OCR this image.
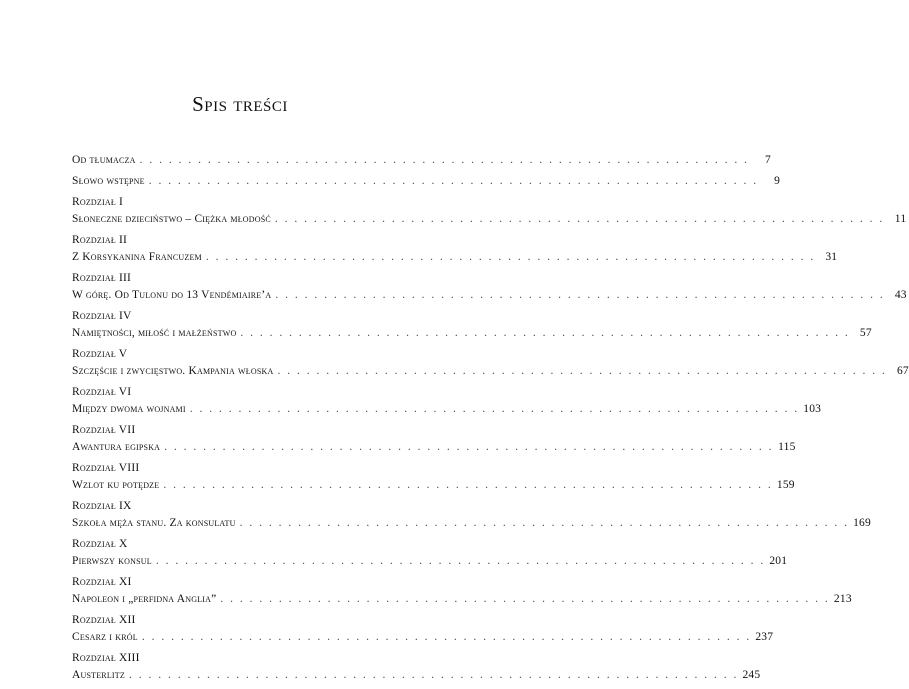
Spis treści
Od tłumacza . . . . . . . . . . . . . . . . . . . . . . . . . . . . . . . . . . . . . . . . . . . . . . . . . . . . . . . . . . . . . . .	7
Słowo wstępne . . . . . . . . . . . . . . . . . . . . . . . . . . . . . . . . . . . . . . . . . . . . . . . . . . . . . . . . . . . . . . .	9
Rozdział I
Słoneczne dzieciństwo – Ciężka młodość . . . . . . . . . . . . . . . . . . . . . . . . . . . . . . . . . . . . . . . . . . . . . . . . . . . . . . . . . . . . . . . 11
Rozdział II
Z Korsykanina Francuzem . . . . . . . . . . . . . . . . . . . . . . . . . . . . . . . . . . . . . . . . . . . . . . . . . . . . . . . . . . . . . . . 31
Rozdział III
W górę. Od Tulonu do 13 Vendémiaire’a . . . . . . . . . . . . . . . . . . . . . . . . . . . . . . . . . . . . . . . . . . . . . . . . . . . . . . . . . . . . . . . 43
Rozdział IV
Namiętności, miłość i małżeństwo . . . . . . . . . . . . . . . . . . . . . . . . . . . . . . . . . . . . . . . . . . . . . . . . . . . . . . . . . . . . . . . 57
Rozdział V
Szczęście i zwycięstwo. Kampania włoska . . . . . . . . . . . . . . . . . . . . . . . . . . . . . . . . . . . . . . . . . . . . . . . . . . . . . . . . . . . . . . . 67
Rozdział VI
Między dwoma wojnami . . . . . . . . . . . . . . . . . . . . . . . . . . . . . . . . . . . . . . . . . . . . . . . . . . . . . . . . . . . . . . . 103
Rozdział VII
Awantura egipska . . . . . . . . . . . . . . . . . . . . . . . . . . . . . . . . . . . . . . . . . . . . . . . . . . . . . . . . . . . . . . . 115
Rozdział VIII
Wzlot ku potędze . . . . . . . . . . . . . . . . . . . . . . . . . . . . . . . . . . . . . . . . . . . . . . . . . . . . . . . . . . . . . . . 159
Rozdział IX
Szkoła męża stanu. Za konsulatu . . . . . . . . . . . . . . . . . . . . . . . . . . . . . . . . . . . . . . . . . . . . . . . . . . . . . . . . . . . . . . . 169
Rozdział X
Pierwszy konsul . . . . . . . . . . . . . . . . . . . . . . . . . . . . . . . . . . . . . . . . . . . . . . . . . . . . . . . . . . . . . . . 201
Rozdział XI
Napoleon i „perfidna Anglia” . . . . . . . . . . . . . . . . . . . . . . . . . . . . . . . . . . . . . . . . . . . . . . . . . . . . . . . . . . . . . . . 213
Rozdział XII
Cesarz i król . . . . . . . . . . . . . . . . . . . . . . . . . . . . . . . . . . . . . . . . . . . . . . . . . . . . . . . . . . . . . . . 237
Rozdział XIII
Austerlitz . . . . . . . . . . . . . . . . . . . . . . . . . . . . . . . . . . . . . . . . . . . . . . . . . . . . . . . . . . . . . . . 245
